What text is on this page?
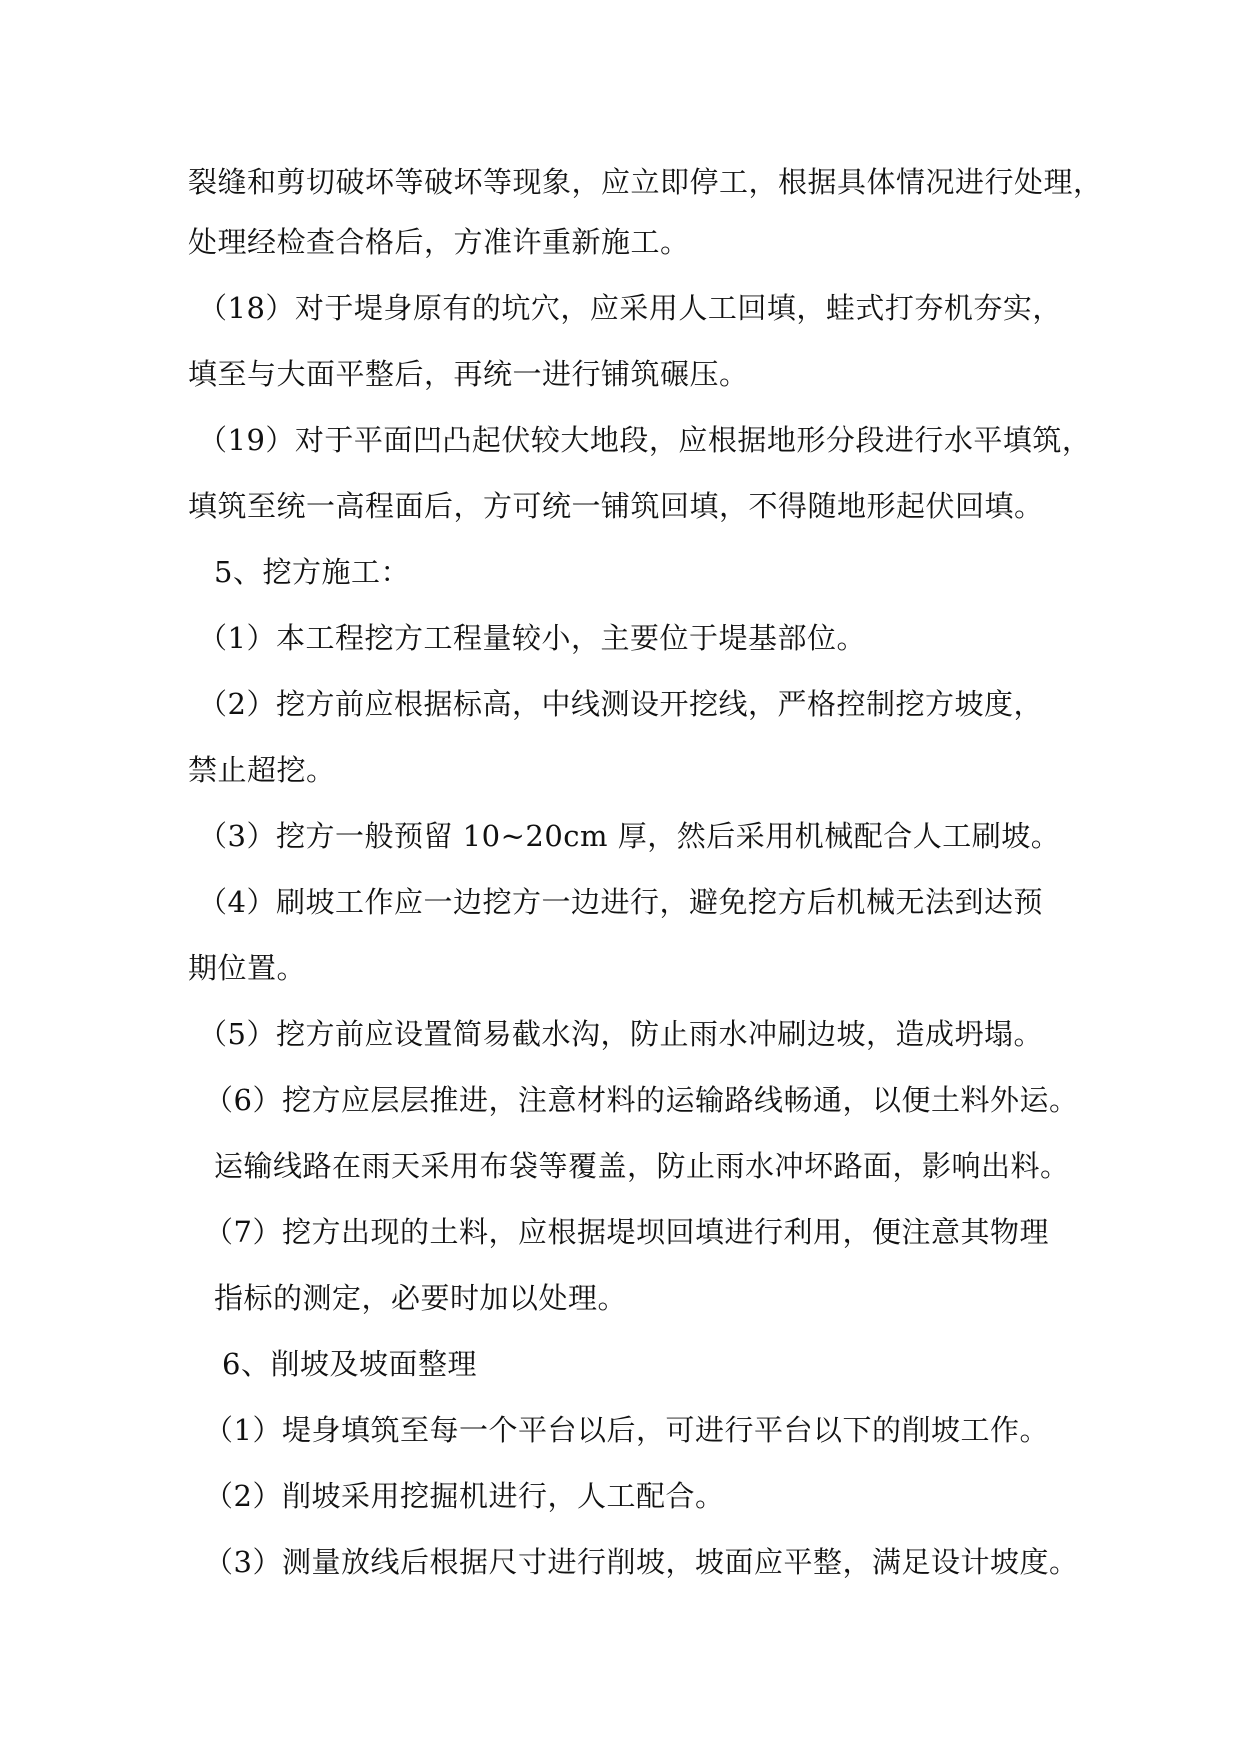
裂缝和剪切破坏等破坏等现象，应立即停工，根据具体情况进行处理，
处理经检查合格后，方准许重新施工。
（18）对于堤身原有的坑穴，应采用人工回填，蛙式打夯机夯实，
填至与大面平整后，再统一进行铺筑碾压。
（19）对于平面凹凸起伏较大地段，应根据地形分段进行水平填筑，
填筑至统一高程面后，方可统一铺筑回填，不得随地形起伏回填。
5、挖方施工：
（1）本工程挖方工程量较小，主要位于堤基部位。
（2）挖方前应根据标高，中线测设开挖线，严格控制挖方坡度，
禁止超挖。
（3）挖方一般预留 10~20cm 厚，然后采用机械配合人工刷坡。
（4）刷坡工作应一边挖方一边进行，避免挖方后机械无法到达预
期位置。
（5）挖方前应设置简易截水沟，防止雨水冲刷边坡，造成坍塌。
（6）挖方应层层推进，注意材料的运输路线畅通，以便土料外运。
运输线路在雨天采用布袋等覆盖，防止雨水冲坏路面，影响出料。
（7）挖方出现的土料，应根据堤坝回填进行利用，便注意其物理
指标的测定，必要时加以处理。
6、削坡及坡面整理
（1）堤身填筑至每一个平台以后，可进行平台以下的削坡工作。
（2）削坡采用挖掘机进行，人工配合。
（3）测量放线后根据尺寸进行削坡，坡面应平整，满足设计坡度。
